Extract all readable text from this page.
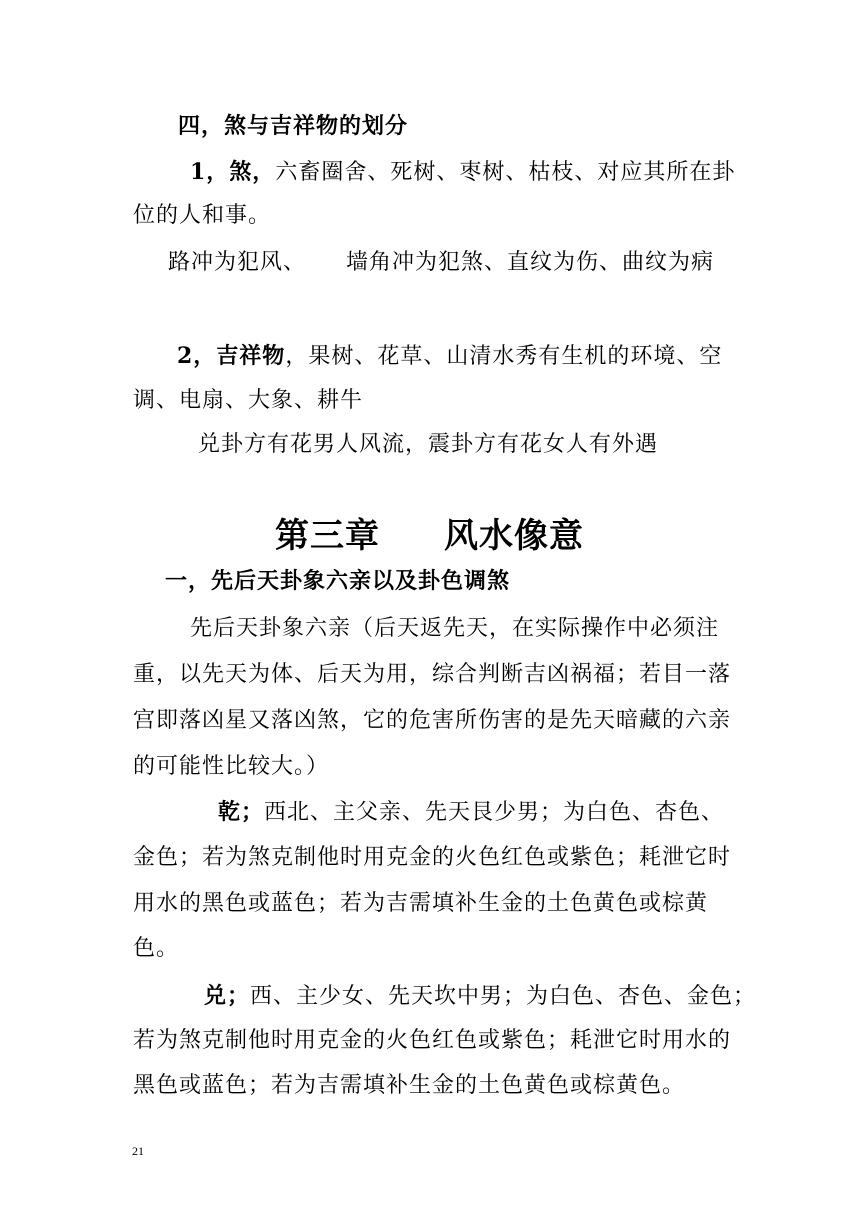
四，煞与吉祥物的划分
1，煞，六畜圈舍、死树、枣树、枯枝、对应其所在卦
位的人和事。
路冲为犯风、 墙角冲为犯煞、直纹为伤、曲纹为病
2，吉祥物，果树、花草、山清水秀有生机的环境、空
调、电扇、大象、耕牛
兑卦方有花男人风流，震卦方有花女人有外遇
第三章 风水像意
一，先后天卦象六亲以及卦色调煞
先后天卦象六亲（后天返先天，在实际操作中必须注
重，以先天为体、后天为用，综合判断吉凶祸福；若目一落
宫即落凶星又落凶煞，它的危害所伤害的是先天暗藏的六亲
的可能性比较大。）
乾；西北、主父亲、先天艮少男；为白色、杏色、
金色；若为煞克制他时用克金的火色红色或紫色；耗泄它时
用水的黑色或蓝色；若为吉需填补生金的土色黄色或棕黄
色。
兑；西、主少女、先天坎中男；为白色、杏色、金色；
若为煞克制他时用克金的火色红色或紫色；耗泄它时用水的
黑色或蓝色；若为吉需填补生金的土色黄色或棕黄色。
21
